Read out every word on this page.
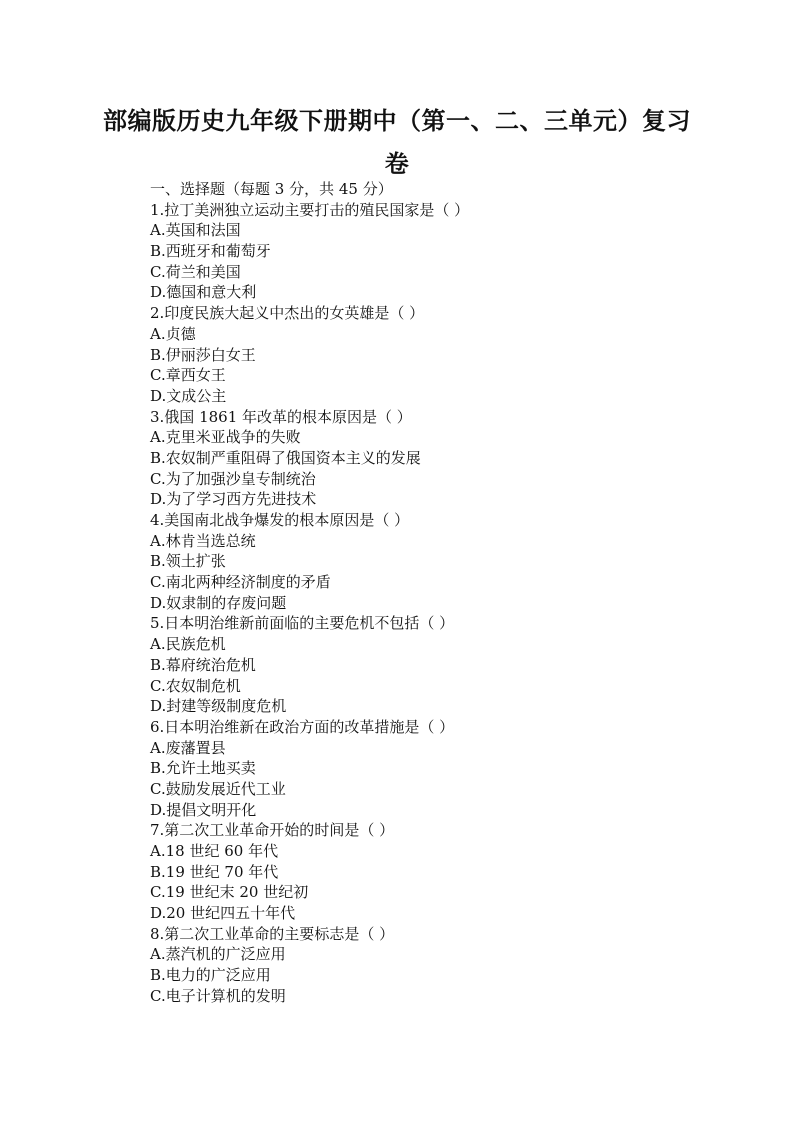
部编版历史九年级下册期中（第一、二、三单元）复习卷
一、选择题（每题 3 分，共 45 分）
1.拉丁美洲独立运动主要打击的殖民国家是（ ）
A.英国和法国
B.西班牙和葡萄牙
C.荷兰和美国
D.德国和意大利
2.印度民族大起义中杰出的女英雄是（ ）
A.贞德
B.伊丽莎白女王
C.章西女王
D.文成公主
3.俄国 1861 年改革的根本原因是（ ）
A.克里米亚战争的失败
B.农奴制严重阻碍了俄国资本主义的发展
C.为了加强沙皇专制统治
D.为了学习西方先进技术
4.美国南北战争爆发的根本原因是（ ）
A.林肯当选总统
B.领土扩张
C.南北两种经济制度的矛盾
D.奴隶制的存废问题
5.日本明治维新前面临的主要危机不包括（ ）
A.民族危机
B.幕府统治危机
C.农奴制危机
D.封建等级制度危机
6.日本明治维新在政治方面的改革措施是（ ）
A.废藩置县
B.允许土地买卖
C.鼓励发展近代工业
D.提倡文明开化
7.第二次工业革命开始的时间是（ ）
A.18 世纪 60 年代
B.19 世纪 70 年代
C.19 世纪末 20 世纪初
D.20 世纪四五十年代
8.第二次工业革命的主要标志是（ ）
A.蒸汽机的广泛应用
B.电力的广泛应用
C.电子计算机的发明
